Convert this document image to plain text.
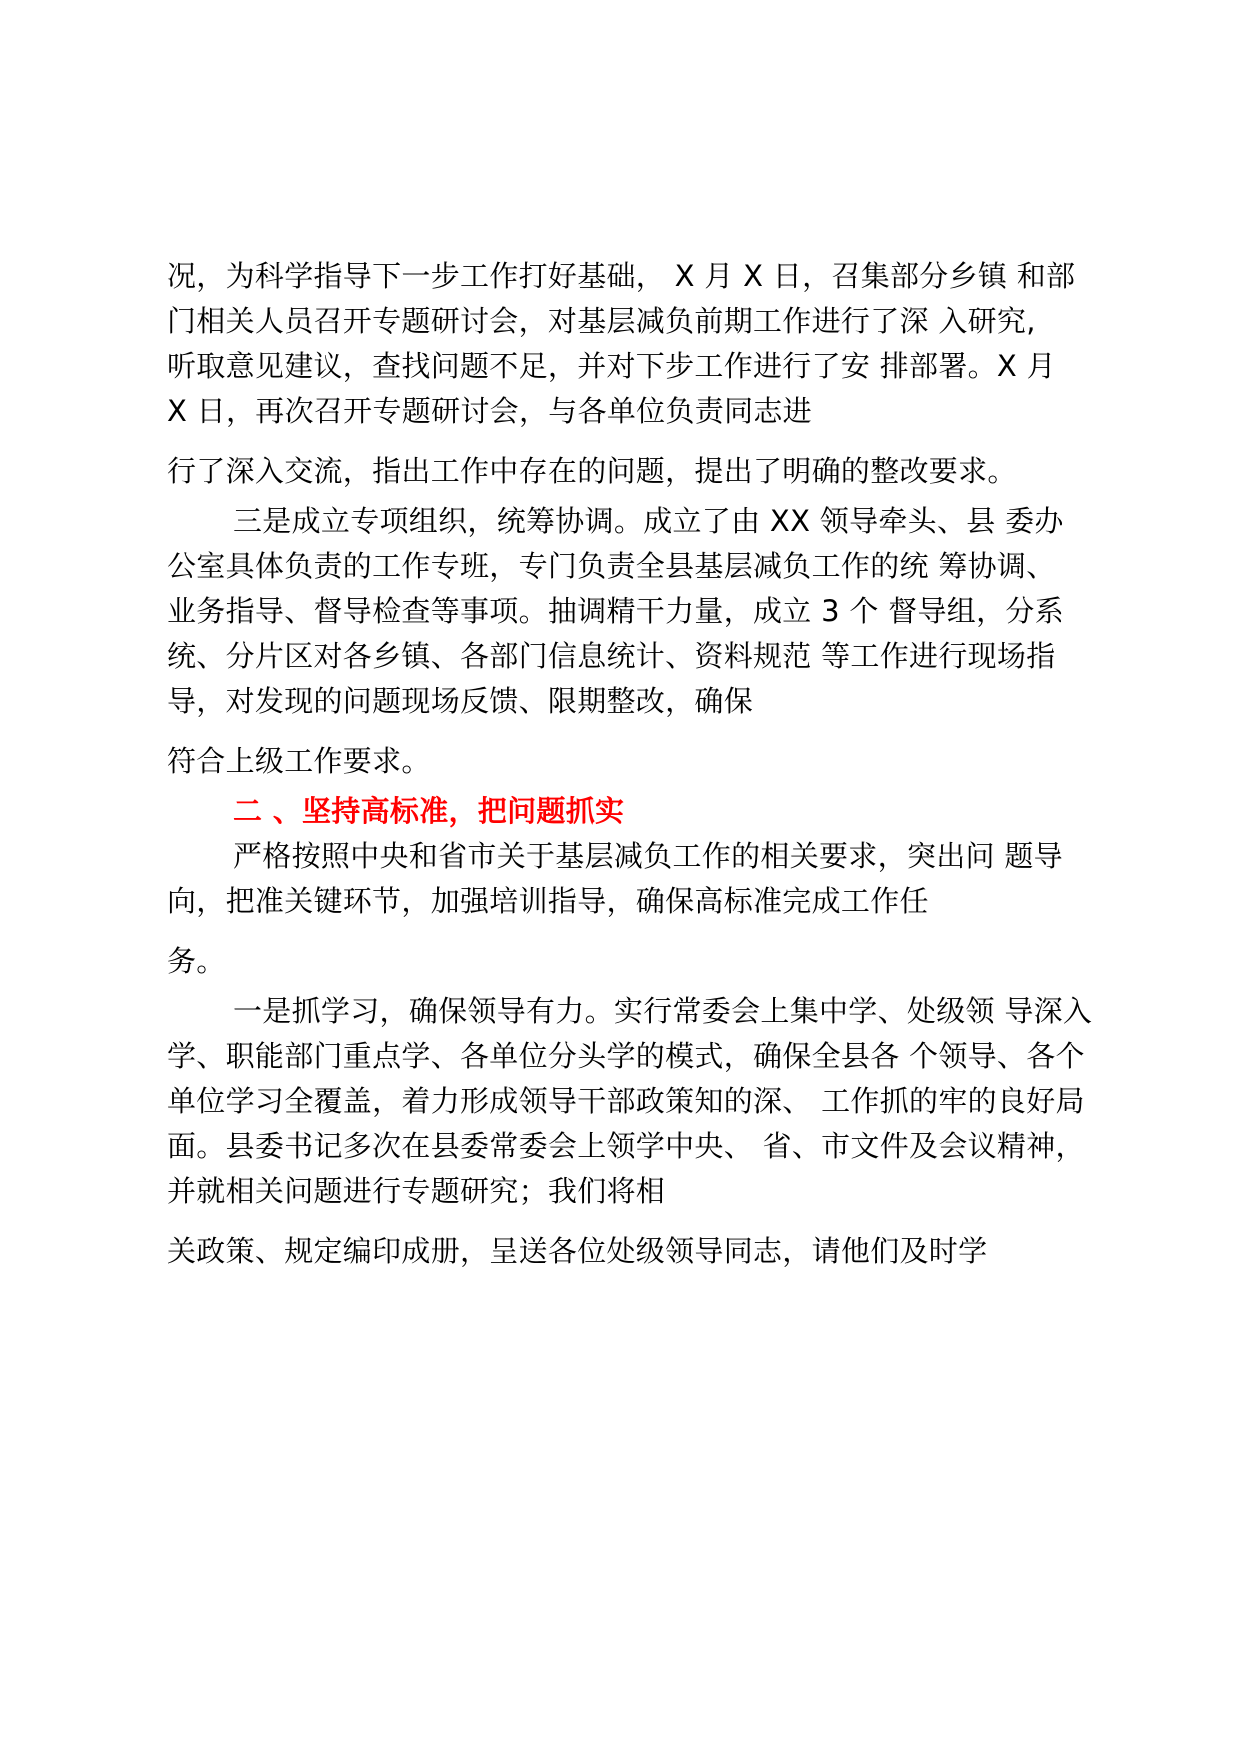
况，为科学指导下一步工作打好基础， X 月 X 日，召集部分乡镇 和部
门相关人员召开专题研讨会，对基层减负前期工作进行了深 入研究,
听取意见建议，查找问题不足，并对下步工作进行了安 排部署。X 月
X 日，再次召开专题研讨会，与各单位负责同志进
行了深入交流，指出工作中存在的问题，提出了明确的整改要求。
三是成立专项组织，统筹协调。成立了由 XX 领导牵头、县 委办
公室具体负责的工作专班，专门负责全县基层减负工作的统 筹协调、
业务指导、督导检查等事项。抽调精干力量，成立 3 个 督导组，分系
统、分片区对各乡镇、各部门信息统计、资料规范 等工作进行现场指
导，对发现的问题现场反馈、限期整改，确保
符合上级工作要求。
二 、坚持高标准，把问题抓实
严格按照中央和省市关于基层减负工作的相关要求，突出问 题导
向，把准关键环节，加强培训指导，确保高标准完成工作任
务。
一是抓学习，确保领导有力。实行常委会上集中学、处级领 导深入
学、职能部门重点学、各单位分头学的模式，确保全县各 个领导、各个
单位学习全覆盖，着力形成领导干部政策知的深、 工作抓的牢的良好局
面。县委书记多次在县委常委会上领学中央、 省、市文件及会议精神，
并就相关问题进行专题研究；我们将相
关政策、规定编印成册，呈送各位处级领导同志，请他们及时学
